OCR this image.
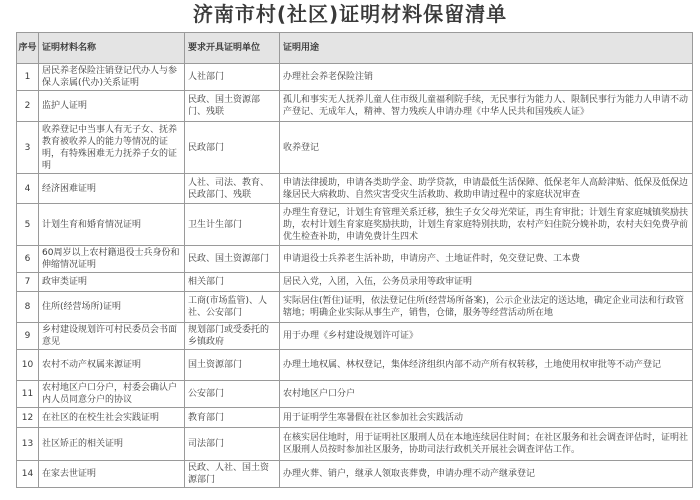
济南市村(社区)证明材料保留清单
序号	证明材料名称	要求开具证明单位	证明用途
1	居民养老保险注销登记代办人与参保人亲属(代办)关系证明	人社部门	办理社会养老保险注销
2	监护人证明	民政、国土资源部门、残联	孤儿和事实无人抚养儿童人住市级儿童福利院手续，无民事行为能力人、限制民事行为能力人申请不动产登记、无成年人，精神、智力残疾人申请办理《中华人民共和国残疾人证》
3	收养登记中当事人有无子女、抚养教育被收养人的能力等情况的证明，有特殊困难无力抚养子女的证明	民政部门	收养登记
4	经济困难证明	人社、司法、教育、民政部门、残联	申请法律援助，申请各类助学金、助学贷款，申请最低生活保障、低保老年人高龄津贴、低保及低保边缘居民大病救助、自然灾害受灾生活救助、救助申请过程中的家庭状况审查
5	计划生育和婚育情况证明	卫生计生部门	办理生育登记，计划生育管理关系迁移，独生子女父母光荣证，再生育审批；计划生育家庭城镇奖励扶助，农村计划生育家庭奖励扶助，计划生育家庭特别扶助，农村产妇住院分娩补助，农村夫妇免费孕前优生检查补助，申请免费计生四术
6	60周岁以上农村籍退役士兵身份和伸缩情况证明	民政、国土资源部门	申请退役士兵养老生活补助，申请房产、土地证件时，免交登记费、工本费
7	政审类证明	相关部门	居民入党，入团，入伍，公务员录用等政审证明
8	住所(经营场所)证明	工商(市场监管)、人社、公安部门	实际居住(暂住)证明，依法登记住所(经营场所备案)，公示企业法定的送达地，确定企业司法和行政管辖地；明确企业实际从事生产，销售，仓储，服务等经营活动所在地
9	乡村建设规划许可村民委员会书面意见	规划部门或受委托的乡镇政府	用于办理《乡村建设规划许可证》
10	农村不动产权属来源证明	国土资源部门	办理土地权属、林权登记，集体经济组织内部不动产所有权转移，土地使用权审批等不动产登记
11	农村地区户口分户，村委会确认户内人员同意分户的协议	公安部门	农村地区户口分户
12	在社区的在校生社会实践证明	教育部门	用于证明学生寒暑假在社区参加社会实践活动
13	社区矫正的相关证明	司法部门	在核实居住地时，用于证明社区服刑人员在本地连续居住时间；在社区服务和社会调查评估时，证明社区服刑人员按时参加社区服务，协助司法行政机关开展社会调查评估工作。
14	在家去世证明	民政、人社、国土资源部门	办理火葬、销户，继承人领取丧葬费，申请办理不动产继承登记
